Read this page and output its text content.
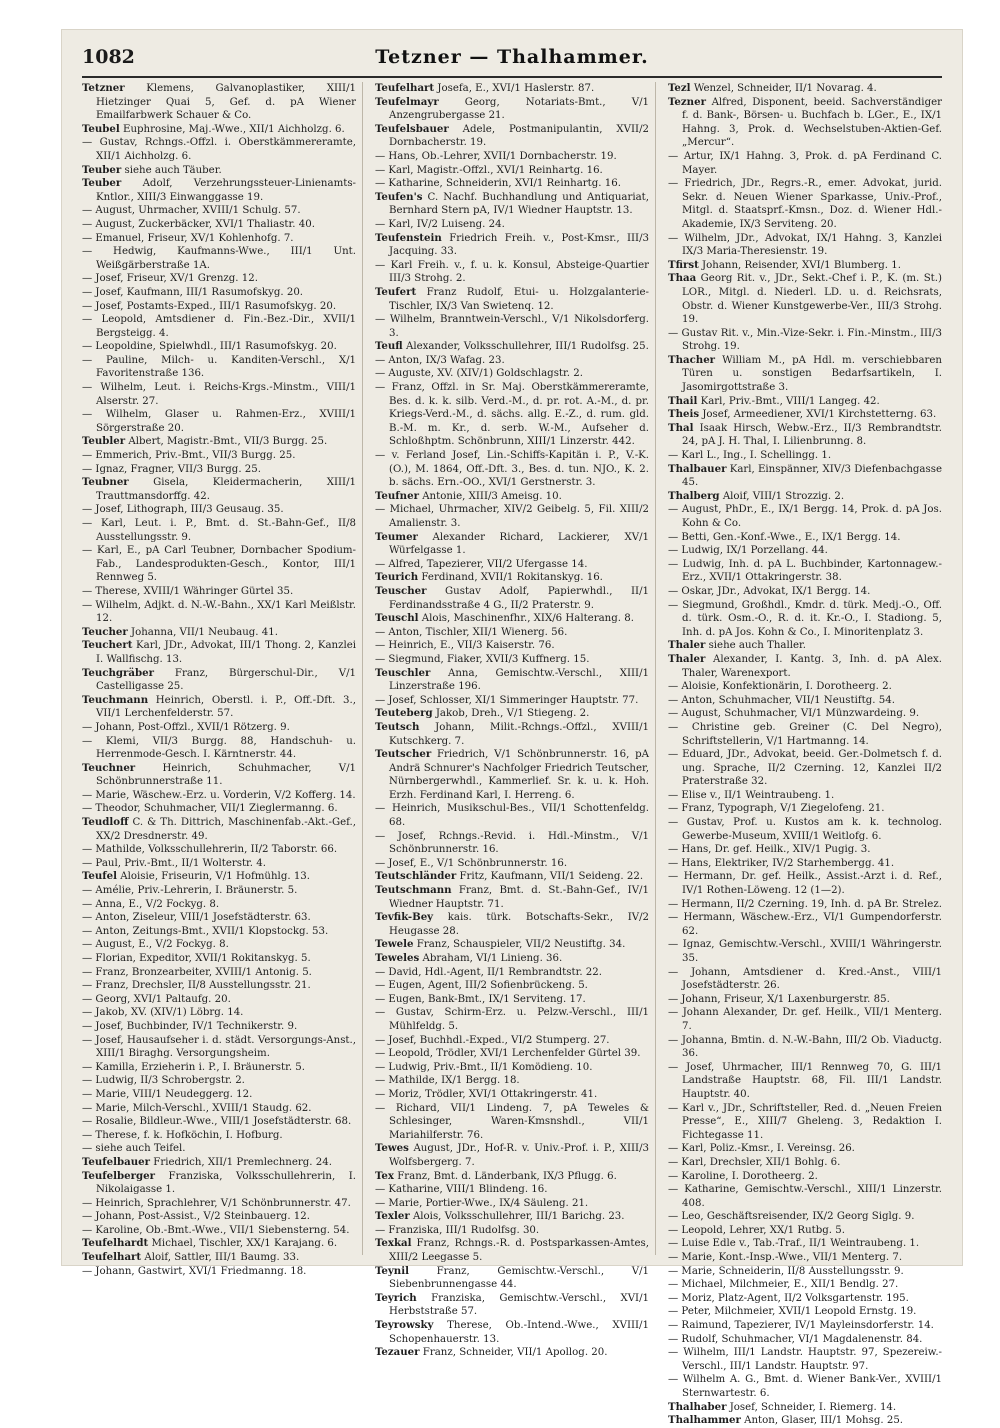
1082	Tetzner — Thalhammer.

Tetzner Klemens, Galvanoplastiker, XIII/1 Hietzinger Quai 5, Gef. d. pA Wiener Emailfarbwerk Schauer & Co.

Teubel Euphrosine, Maj.-Wwe., XII/1 Aichholzg. 6.

— Gustav, Rchngs.-Offzl. i. Oberstkämmereramte, XII/1 Aichholzg. 6.

Teuber siehe auch Täuber.

Teuber Adolf, Verzehrungssteuer-Linienamts-Kntlor., XIII/3 Einwanggasse 19.

— August, Uhrmacher, XVIII/1 Schulg. 57.

— August, Zuckerbäcker, XVI/1 Thaliastr. 40.

— Emanuel, Friseur, XV/1 Kohlenhofg. 7.

— Hedwig, Kaufmanns-Wwe., III/1 Unt. Weißgärberstraße 1A.

— Josef, Friseur, XV/1 Grenzg. 12.

— Josef, Kaufmann, III/1 Rasumofskyg. 20.

— Josef, Postamts-Exped., III/1 Rasumofskyg. 20.

— Leopold, Amtsdiener d. Fin.-Bez.-Dir., XVII/1 Bergsteigg. 4.

— Leopoldine, Spielwhdl., III/1 Rasumofskyg. 20.

— Pauline, Milch- u. Kanditen-Verschl., X/1 Favoritenstraße 136.

— Wilhelm, Leut. i. Reichs-Krgs.-Minstm., VIII/1 Alserstr. 27.

— Wilhelm, Glaser u. Rahmen-Erz., XVIII/1 Sörgerstraße 20.

Teubler Albert, Magistr.-Bmt., VII/3 Burgg. 25.

— Emmerich, Priv.-Bmt., VII/3 Burgg. 25.

— Ignaz, Fragner, VII/3 Burgg. 25.

Teubner Gisela, Kleidermacherin, XIII/1 Trauttmansdorffg. 42.

— Josef, Lithograph, III/3 Geusaug. 35.

— Karl, Leut. i. P., Bmt. d. St.-Bahn-Gef., II/8 Ausstellungsstr. 9.

— Karl, E., pA Carl Teubner, Dornbacher Spodium-Fab., Landesprodukten-Gesch., Kontor, III/1 Rennweg 5.

— Therese, XVIII/1 Währinger Gürtel 35.

— Wilhelm, Adjkt. d. N.-W.-Bahn., XX/1 Karl Meißlstr. 12.

Teucher Johanna, VII/1 Neubaug. 41.

Teuchert Karl, JDr., Advokat, III/1 Thong. 2, Kanzlei I. Wallfischg. 13.

Teuchgräber Franz, Bürgerschul-Dir., V/1 Castelligasse 25.

Teuchmann Heinrich, Oberstl. i. P., Off.-Dft. 3., VII/1 Lerchenfelderstr. 57.

— Johann, Post-Offzl., XVII/1 Rötzerg. 9.

— Klemi, VII/3 Burgg. 88, Handschuh- u. Herrenmode-Gesch. I. Kärntnerstr. 44.

Teuchner	Heinrich, Schuhmacher, V/1 Schönbrunnerstraße 11.

— Marie, Wäschew.-Erz. u. Vorderin, V/2 Kofferg. 14.

— Theodor, Schuhmacher, VII/1 Zieglermanng. 6.

Teudloff C. & Th. Dittrich, Maschinenfab.-Akt.-Gef., XX/2 Dresdnerstr. 49.

— Mathilde, Volksschullehrerin, II/2 Taborstr. 66.

— Paul, Priv.-Bmt., II/1 Wolterstr. 4.

Teufel Aloisie, Friseurin, V/1 Hofmühlg. 13.

— Amélie, Priv.-Lehrerin, I. Bräunerstr. 5.

— Anna, E., V/2 Fockyg. 8.

— Anton, Ziseleur, VIII/1 Josefstädterstr. 63.

— Anton, Zeitungs-Bmt., XVII/1 Klopstockg. 53.

— August, E., V/2 Fockyg. 8.

— Florian, Expeditor, XVII/1 Rokitanskyg. 5.

— Franz, Bronzearbeiter, XVIII/1 Antonig. 5.

— Franz, Drechsler, II/8 Ausstellungsstr. 21.

— Georg, XVI/1 Paltaufg. 20.

— Jakob, XV. (XIV/1) Löbrg. 14.

— Josef, Buchbinder, IV/1 Technikerstr. 9.

— Josef, Hausaufseher i. d. städt. Versorgungs-Anst., XIII/1 Biraghg. Versorgungsheim.

— Kamilla, Erzieherin i. P., I. Bräunerstr. 5.

— Ludwig, II/3 Schrobergstr. 2.

— Marie, VIII/1 Neudeggerg. 12.

— Marie, Milch-Verschl., XVIII/1 Staudg. 62.

— Rosalie, Bildleur.-Wwe., VIII/1 Josefstädterstr. 68.

— Therese, f. k. Hofköchin, I. Hofburg.

— siehe auch Teifel.

Teufelbauer Friedrich, XII/1 Premlechnerg. 24.

Teufelberger Franziska, Volksschullehrerin, I. Nikolaigasse 1.

— Heinrich, Sprachlehrer, V/1 Schönbrunnerstr. 47.

— Johann, Post-Assist., V/2 Steinbauerg. 12.

— Karoline, Ob.-Bmt.-Wwe., VII/1 Siebensterng. 54.

Teufelhardt Michael, Tischler, XX/1 Karajang. 6.

Teufelhart Aloif, Sattler, III/1 Baumg. 33.

— Johann, Gastwirt, XVI/1 Friedmanng. 18.

Teufelhart Josefa, E., XVI/1 Haslerstr. 87.

Teufelmayr	Georg, Notariats-Bmt., V/1 Anzengrubergasse 21.

Teufelsbauer Adele, Postmanipulantin, XVII/2 Dornbacherstr. 19.

— Hans, Ob.-Lehrer, XVII/1 Dornbacherstr. 19.

— Karl, Magistr.-Offzl., XVI/1 Reinhartg. 16.

— Katharine, Schneiderin, XVI/1 Reinhartg. 16.

Teufen's C. Nachf. Buchhandlung und Antiquariat, Bernhard Stern pA, IV/1 Wiedner Hauptstr. 13.

— Karl, IV/2 Luiseng. 24.

Teufenstein Friedrich Freih. v., Post-Kmsr., III/3 Jacquing. 33.

— Karl Freih. v., f. u. k. Konsul, Absteige-Quartier III/3 Strohg. 2.

Teufert Franz Rudolf, Etui- u. Holzgalanterie-Tischler, IX/3 Van Swietenq. 12.

— Wilhelm, Branntwein-Verschl., V/1 Nikolsdorferg. 3.

Teufl Alexander, Volksschullehrer, III/1 Rudolfsg. 25.

— Anton, IX/3 Wafag. 23.

— Auguste, XV. (XIV/1) Goldschlagstr. 2.

— Franz, Offzl. in Sr. Maj. Oberstkämmereramte, Bes. d. k. k. silb. Verd.-M., d. pr. rot. A.-M., d. pr. Kriegs-Verd.-M., d. sächs. allg. E.-Z., d. rum. gld. B.-M. m. Kr., d. serb. W.-M., Aufseher d. Schloßhptm. Schönbrunn, XIII/1 Linzerstr. 442.

— v. Ferland Josef, Lin.-Schiffs-Kapitän i. P., V.-K. (O.), M. 1864, Off.-Dft. 3., Bes. d. tun. NJO., K. 2. b. sächs. Ern.-OO., XVI/1 Gerstnerstr. 3.

Teufner Antonie, XIII/3 Ameisg. 10.

— Michael, Uhrmacher, XIV/2 Geibelg. 5, Fil. XIII/2 Amalienstr. 3.

Teumer Alexander Richard, Lackierer, XV/1 Würfelgasse 1.

— Alfred, Tapezierer, VII/2 Ufergasse 14.

Teurich Ferdinand, XVII/1 Rokitanskyg. 16.

Teuscher Gustav Adolf, Papierwhdl., II/1 Ferdinandsstraße 4 G., II/2 Praterstr. 9.

Teuschl Alois, Maschinenfhr., XIX/6 Halterang. 8.

— Anton, Tischler, XII/1 Wienerg. 56.

— Heinrich, E., VII/3 Kaiserstr. 76.

— Siegmund, Fiaker, XVII/3 Kuffnerg. 15.

Teuschler Anna, Gemischtw.-Verschl., XIII/1 Linzerstraße 196.

— Josef, Schlosser, XI/1 Simmeringer Hauptstr. 77.

Teuteberg Jakob, Dreh., V/1 Stiegeng. 2.

Teutsch Johann, Milit.-Rchngs.-Offzl., XVIII/1 Kutschkerg. 7.

Teutscher Friedrich, V/1 Schönbrunnerstr. 16, pA Andrä Schnurer's Nachfolger Friedrich Teutscher, Nürnbergerwhdl., Kammerlief. Sr. k. u. k. Hoh. Erzh. Ferdinand Karl, I. Herreng. 6.

— Heinrich, Musikschul-Bes., VII/1 Schottenfeldg. 68.

— Josef, Rchngs.-Revid. i. Hdl.-Minstm., V/1 Schönbrunnerstr. 16.

— Josef, E., V/1 Schönbrunnerstr. 16.

Teutschländer Fritz, Kaufmann, VII/1 Seideng. 22.

Teutschmann Franz, Bmt. d. St.-Bahn-Gef., IV/1 Wiedner Hauptstr. 71.

Tevfik-Bey kais. türk. Botschafts-Sekr., IV/2 Heugasse 28.

Tewele Franz, Schauspieler, VII/2 Neustiftg. 34.

Teweles Abraham, VI/1 Linieng. 36.

— David, Hdl.-Agent, II/1 Rembrandtstr. 22.

— Eugen, Agent, III/2 Sofienbrückeng. 5.

— Eugen, Bank-Bmt., IX/1 Serviteng. 17.

— Gustav, Schirm-Erz. u. Pelzw.-Verschl., III/1 Mühlfeldg. 5.

— Josef, Buchhdl.-Exped., VI/2 Stumperg. 27.

— Leopold, Trödler, XVI/1 Lerchenfelder Gürtel 39.

— Ludwig, Priv.-Bmt., II/1 Komödieng. 10.

— Mathilde, IX/1 Bergg. 18.

— Moriz, Trödler, XVI/1 Ottakringerstr. 41.

— Richard, VII/1 Lindeng. 7, pA Teweles & Schlesinger, Waren-Kmsnshdl., VII/1 Mariahilferstr. 76.

Tewes August, JDr., Hof-R. v. Univ.-Prof. i. P., XIII/3 Wolfsbergerg. 7.

Tex Franz, Bmt. d. Länderbank, IX/3 Pflugg. 6.

— Katharine, VIII/1 Blindeng. 16.

— Marie, Portier-Wwe., IX/4 Säuleng. 21.

Texler Alois, Volksschullehrer, III/1 Barichg. 23.

— Franziska, III/1 Rudolfsg. 30.

Texkal Franz, Rchngs.-R. d. Postsparkassen-Amtes, XIII/2 Leegasse 5.

Teynil	Franz, Gemischtw.-Verschl., V/1 Siebenbrunnengasse 44.

Teyrich Franziska, Gemischtw.-Verschl., XVI/1 Herbststraße 57.

Teyrowsky Therese, Ob.-Intend.-Wwe., XVIII/1 Schopenhauerstr. 13.

Tezauer Franz, Schneider, VII/1 Apollog. 20.

Tezl Wenzel, Schneider, II/1 Novarag. 4.

Tezner Alfred, Disponent, beeid. Sachverständiger f. d. Bank-, Börsen- u. Buchfach b. LGer., E., IX/1 Hahng. 3, Prok. d. Wechselstuben-Aktien-Gef. „Mercur“.

— Artur, IX/1 Hahng. 3, Prok. d. pA Ferdinand C. Mayer.

— Friedrich, JDr., Regrs.-R., emer. Advokat, jurid. Sekr. d. Neuen Wiener Sparkasse, Univ.-Prof., Mitgl. d. Staatsprf.-Kmsn., Doz. d. Wiener Hdl.-Akademie, IX/3 Serviteng. 20.

— Wilhelm, JDr., Advokat, IX/1 Hahng. 3, Kanzlei IX/3 Maria-Theresienstr. 19.

Tfirst Johann, Reisender, XVI/1 Blumberg. 1.

Thaa Georg Rit. v., JDr., Sekt.-Chef i. P., K. (m. St.) LOR., Mitgl. d. Niederl. LD. u. d. Reichsrats, Obstr. d. Wiener Kunstgewerbe-Ver., III/3 Strohg. 19.

— Gustav Rit. v., Min.-Vize-Sekr. i. Fin.-Minstm., III/3 Strohg. 19.

Thacher William M., pA Hdl. m. verschiebbaren Türen u. sonstigen Bedarfsartikeln, I. Jasomirgottstraße 3.

Thail Karl, Priv.-Bmt., VIII/1 Langeg. 42.

Theis Josef, Armeediener, XVI/1 Kirchstetterng. 63.

Thal Isaak Hirsch, Webw.-Erz., II/3 Rembrandtstr. 24, pA J. H. Thal, I. Lilienbrunng. 8.

— Karl L., Ing., I. Schellingg. 1.

Thalbauer Karl, Einspänner, XIV/3 Diefenbachgasse 45.

Thalberg Aloif, VIII/1 Strozzig. 2.

— August, PhDr., E., IX/1 Bergg. 14, Prok. d. pA Jos. Kohn & Co.

— Betti, Gen.-Konf.-Wwe., E., IX/1 Bergg. 14.

— Ludwig, IX/1 Porzellang. 44.

— Ludwig, Inh. d. pA L. Buchbinder, Kartonnagew.-Erz., XVII/1 Ottakringerstr. 38.

— Oskar, JDr., Advokat, IX/1 Bergg. 14.

— Siegmund, Großhdl., Kmdr. d. türk. Medj.-O., Off. d. türk. Osm.-O., R. d. it. Kr.-O., I. Stadiong. 5, Inh. d. pA Jos. Kohn & Co., I. Minoritenplatz 3.

Thaler siehe auch Thaller.

Thaler Alexander, I. Kantg. 3, Inh. d. pA Alex. Thaler, Warenexport.

— Aloisie, Konfektionärin, I. Dorotheerg. 2.

— Anton, Schuhmacher, VII/1 Neustiftg. 54.

— August, Schuhmacher, VI/1 Münzwardeing. 9.

— Christine geb. Greiner (C. Del Negro), Schriftstellerin, V/1 Hartmanng. 14.

— Eduard, JDr., Advokat, beeid. Ger.-Dolmetsch f. d. ung. Sprache, II/2 Czerning. 12, Kanzlei II/2 Praterstraße 32.

— Elise v., II/1 Weintraubeng. 1.

— Franz, Typograph, V/1 Ziegelofeng. 21.

— Gustav, Prof. u. Kustos am k. k. technolog. Gewerbe-Museum, XVIII/1 Weitlofg. 6.

— Hans, Dr. gef. Heilk., XIV/1 Pugig. 3.

— Hans, Elektriker, IV/2 Starhembergg. 41.

— Hermann, Dr. gef. Heilk., Assist.-Arzt i. d. Ref., IV/1 Rothen-Löweng. 12 (1—2).

— Hermann, II/2 Czerning. 19, Inh. d. pA Br. Strelez.

— Hermann, Wäschew.-Erz., VI/1 Gumpendorferstr. 62.

— Ignaz, Gemischtw.-Verschl., XVIII/1 Währingerstr. 35.

— Johann, Amtsdiener d. Kred.-Anst., VIII/1 Josefstädterstr. 26.

— Johann, Friseur, X/1 Laxenburgerstr. 85.

— Johann Alexander, Dr. gef. Heilk., VII/1 Menterg. 7.

— Johanna, Bmtin. d. N.-W.-Bahn, III/2 Ob. Viaductg. 36.

— Josef, Uhrmacher, III/1 Rennweg 70, G. III/1 Landstraße Hauptstr. 68, Fil. III/1 Landstr. Hauptstr. 40.

— Karl v., JDr., Schriftsteller, Red. d. „Neuen Freien Presse“, E., XIII/7 Gheleng. 3, Redaktion I. Fichtegasse 11.

— Karl, Poliz.-Kmsr., I. Vereinsg. 26.

— Karl, Drechsler, XII/1 Bohlg. 6.

— Karoline, I. Dorotheerg. 2.

— Katharine, Gemischtw.-Verschl., XIII/1 Linzerstr. 408.

— Leo, Geschäftsreisender, IX/2 Georg Siglg. 9.

— Leopold, Lehrer, XX/1 Rutbg. 5.

— Luise Edle v., Tab.-Traf., II/1 Weintraubeng. 1.

— Marie, Kont.-Insp.-Wwe., VII/1 Menterg. 7.

— Marie, Schneiderin, II/8 Ausstellungsstr. 9.

— Michael, Milchmeier, E., XII/1 Bendlg. 27.

— Moriz, Platz-Agent, II/2 Volksgartenstr. 195.

— Peter, Milchmeier, XVII/1 Leopold Ernstg. 19.

— Raimund, Tapezierer, IV/1 Mayleinsdorferstr. 14.

— Rudolf, Schuhmacher, VI/1 Magdalenenstr. 84.

— Wilhelm, III/1 Landstr. Hauptstr. 97, Spezereiw.-Verschl., III/1 Landstr. Hauptstr. 97.

— Wilhelm A. G., Bmt. d. Wiener Bank-Ver., XVIII/1 Sternwartestr. 6.

Thalhaber Josef, Schneider, I. Riemerg. 14.

Thalhammer Anton, Glaser, III/1 Mohsg. 25.
